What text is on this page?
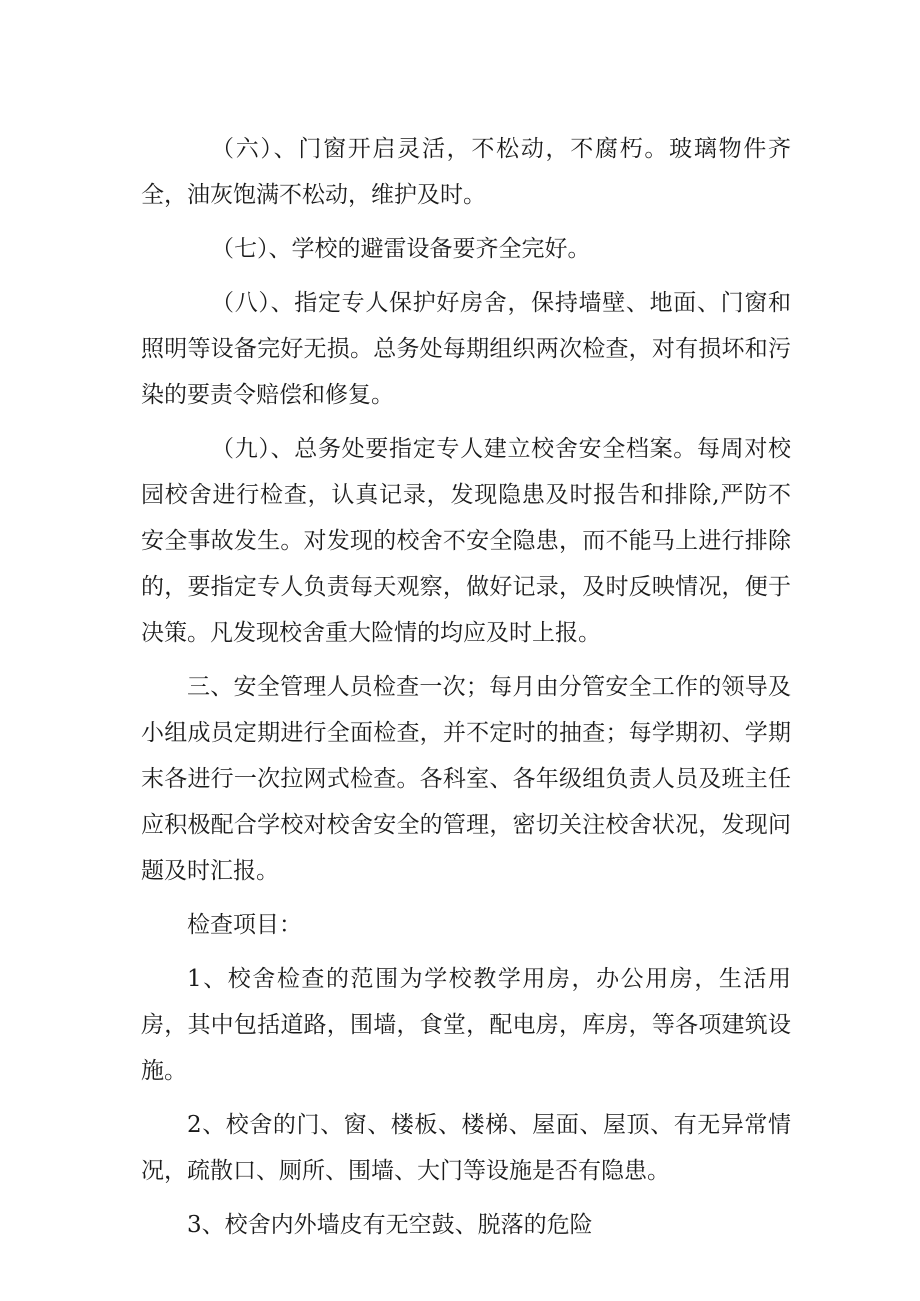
（六）、门窗开启灵活，不松动，不腐朽。玻璃物件齐全，油灰饱满不松动，维护及时。

（七）、学校的避雷设备要齐全完好。

（八）、指定专人保护好房舍，保持墙壁、地面、门窗和照明等设备完好无损。总务处每期组织两次检查，对有损坏和污染的要责令赔偿和修复。

（九）、总务处要指定专人建立校舍安全档案。每周对校园校舍进行检查，认真记录，发现隐患及时报告和排除,严防不安全事故发生。对发现的校舍不安全隐患，而不能马上进行排除的，要指定专人负责每天观察，做好记录，及时反映情况，便于决策。凡发现校舍重大险情的均应及时上报。

三、安全管理人员检查一次；每月由分管安全工作的领导及小组成员定期进行全面检查，并不定时的抽查；每学期初、学期末各进行一次拉网式检查。各科室、各年级组负责人员及班主任应积极配合学校对校舍安全的管理，密切关注校舍状况，发现问题及时汇报。

检查项目：

1、校舍检查的范围为学校教学用房，办公用房，生活用房，其中包括道路，围墙，食堂，配电房，库房，等各项建筑设施。

2、校舍的门、窗、楼板、楼梯、屋面、屋顶、有无异常情况，疏散口、厕所、围墙、大门等设施是否有隐患。

3、校舍内外墙皮有无空鼓、脱落的危险
